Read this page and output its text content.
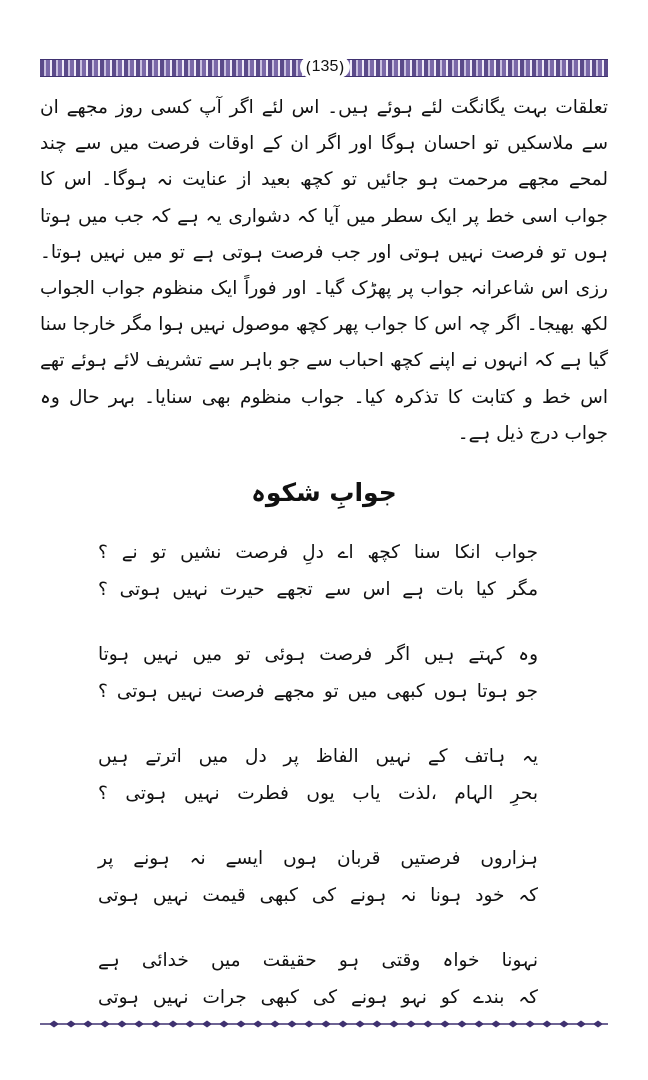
( 135 )

تعلقات بہت یگانگت لئے ہوئے ہیں۔ اس لئے اگر آپ کسی روز مجھے ان سے ملاسکیں تو احسان ہوگا اور اگر ان کے اوقات فرصت میں سے چند لمحے مجھے مرحمت ہو جائیں تو کچھ بعید از عنایت نہ ہوگا۔ اس کا جواب اسی خط پر ایک سطر میں آیا کہ دشواری یہ ہے کہ جب میں ہوتا ہوں تو فرصت نہیں ہوتی اور جب فرصت ہوتی ہے تو میں نہیں ہوتا۔ رزی اس شاعرانہ جواب پر پھڑک گیا۔ اور فوراً ایک منظوم جواب الجواب لکھ بھیجا۔ اگر چہ اس کا جواب پھر کچھ موصول نہیں ہوا مگر خارجا سنا گیا ہے کہ انہوں نے اپنے کچھ احباب سے جو باہر سے تشریف لائے ہوئے تھے اس خط و کتابت کا تذکرہ کیا۔ جواب منظوم بھی سنایا۔ بہر حال وہ جواب درج ذیل ہے۔

جوابِ شکوہ
جواب انکا سنا کچھ اے دلِ فرصت نشیں تو نے ؟
مگر کیا بات ہے اس سے تجھے حیرت نہیں ہوتی ؟
وہ کہتے ہیں اگر فرصت ہوئی تو میں نہیں ہوتا
جو ہوتا ہوں کبھی میں تو مجھے فرصت نہیں ہوتی ؟
یہ ہاتف کے نہیں الفاظ پر دل میں اترتے ہیں
بحرِ الہام ،لذت یاب یوں فطرت نہیں ہوتی ؟
ہزاروں فرصتیں قربان ہوں ایسے نہ ہونے پر
کہ خود ہونا نہ ہونے کی کبھی قیمت نہیں ہوتی
نہونا خواہ وقتی ہو حقیقت میں خدائی ہے
کہ بندے کو نہو ہونے کی کبھی جرات نہیں ہوتی
